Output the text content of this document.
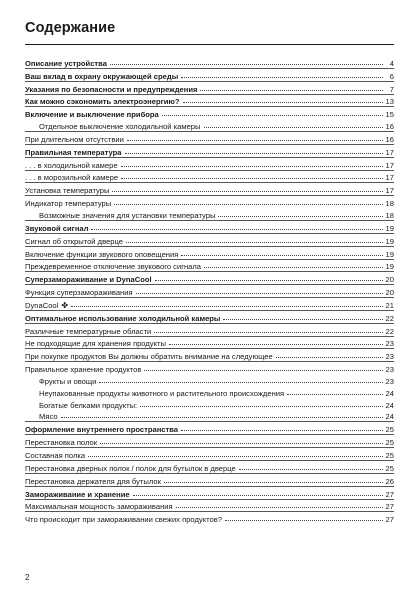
Содержание
Описание устройства	4
Ваш вклад в охрану окружающей среды	6
Указания по безопасности и предупреждения	7
Как можно сэкономить электроэнергию?	13
Включение и выключение прибора	15
Отдельное выключение холодильной камеры	16
При длительном отсутствии	16
Правильная температура	17
. . . в холодильной камере	17
. . . в морозильной камере	17
Установка температуры	17
Индикатор температуры	18
Возможные значения для установки температуры	18
Звуковой сигнал	19
Сигнал об открытой дверце	19
Включение функции звукового оповещения	19
Преждевременное отключение звукового сигнала	19
Суперзамораживание и DynaCool	20
Функция суперзамораживания	20
DynaCool ✤	21
Оптимальное использование холодильной камеры	22
Различные температурные области	22
Не подходящие для хранения продукты	23
При покупке продуктов Вы должны обратить внимание на следующее	23
Правильное хранение продуктов	23
Фрукты и овощи	23
Неупакованные продукты животного и растительного происхождения	24
Богатые белками продукты:	24
Мясо	24
Оформление внутреннего пространства	25
Перестановка полок	25
Составная полка	25
Перестановка дверных полок / полок для бутылок в дверце	25
Перестановка держателя для бутылок	26
Замораживание и хранение	27
Максимальная мощность замораживания	27
Что происходит при замораживании свежих продуктов?	27
2
